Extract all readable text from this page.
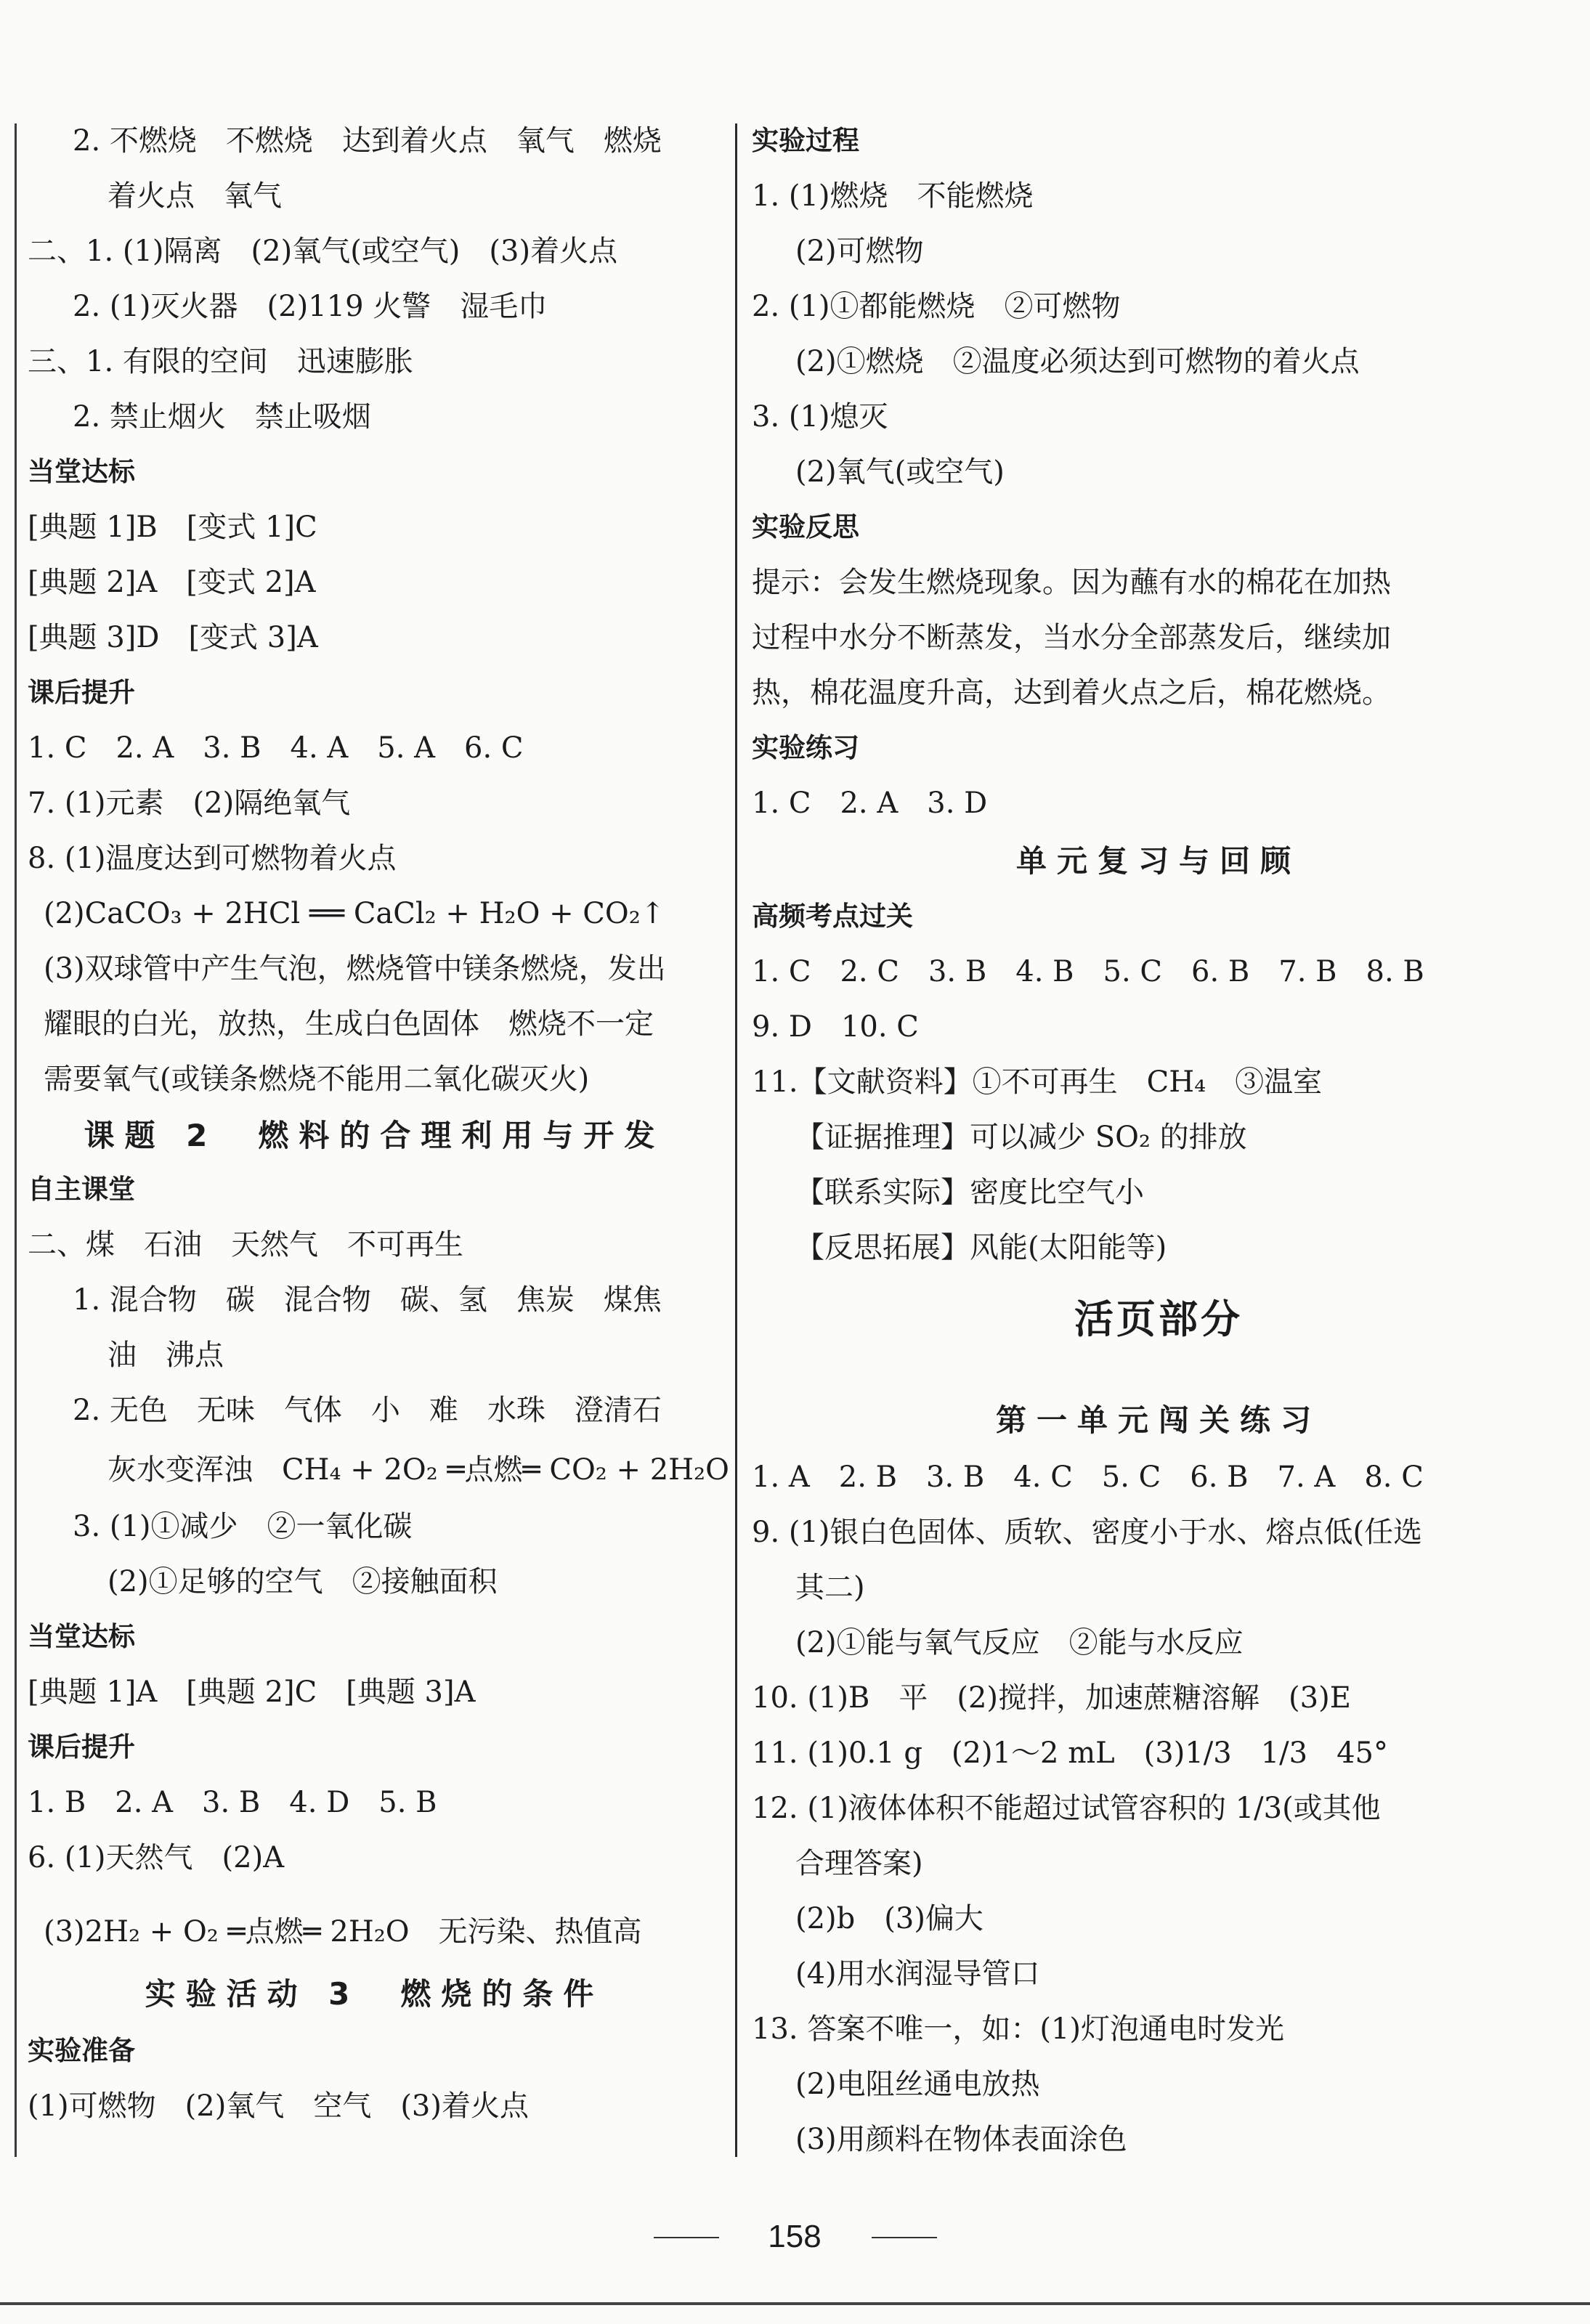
2. 不燃烧　不燃烧　达到着火点　氧气　燃烧
着火点　氧气
二、1. (1)隔离　(2)氧气(或空气)　(3)着火点
2. (1)灭火器　(2)119 火警　湿毛巾
三、1. 有限的空间　迅速膨胀
2. 禁止烟火　禁止吸烟
当堂达标
[典题 1]B　[变式 1]C
[典题 2]A　[变式 2]A
[典题 3]D　[变式 3]A
课后提升
1. C　2. A　3. B　4. A　5. A　6. C
7. (1)元素　(2)隔绝氧气
8. (1)温度达到可燃物着火点
(2)CaCO₃ + 2HCl ══ CaCl₂ + H₂O + CO₂↑
(3)双球管中产生气泡，燃烧管中镁条燃烧，发出
耀眼的白光，放热，生成白色固体　燃烧不一定
需要氧气(或镁条燃烧不能用二氧化碳灭火)
课题 2　燃料的合理利用与开发
自主课堂
二、煤　石油　天然气　不可再生
1. 混合物　碳　混合物　碳、氢　焦炭　煤焦
油　沸点
2. 无色　无味　气体　小　难　水珠　澄清石
灰水变浑浊　CH₄ + 2O₂ ═点燃═ CO₂ + 2H₂O
3. (1)①减少　②一氧化碳
(2)①足够的空气　②接触面积
当堂达标
[典题 1]A　[典题 2]C　[典题 3]A
课后提升
1. B　2. A　3. B　4. D　5. B
6. (1)天然气　(2)A
(3)2H₂ + O₂ ═点燃═ 2H₂O　无污染、热值高
实验活动 3　燃烧的条件
实验准备
(1)可燃物　(2)氧气　空气　(3)着火点
实验过程
1. (1)燃烧　不能燃烧
(2)可燃物
2. (1)①都能燃烧　②可燃物
(2)①燃烧　②温度必须达到可燃物的着火点
3. (1)熄灭
(2)氧气(或空气)
实验反思
提示：会发生燃烧现象。因为蘸有水的棉花在加热
过程中水分不断蒸发，当水分全部蒸发后，继续加
热，棉花温度升高，达到着火点之后，棉花燃烧。
实验练习
1. C　2. A　3. D
单元复习与回顾
高频考点过关
1. C　2. C　3. B　4. B　5. C　6. B　7. B　8. B
9. D　10. C
11.【文献资料】①不可再生　CH₄　③温室
【证据推理】可以减少 SO₂ 的排放
【联系实际】密度比空气小
【反思拓展】风能(太阳能等)
活页部分
第一单元闯关练习
1. A　2. B　3. B　4. C　5. C　6. B　7. A　8. C
9. (1)银白色固体、质软、密度小于水、熔点低(任选
其二)
(2)①能与氧气反应　②能与水反应
10. (1)B　平　(2)搅拌，加速蔗糖溶解　(3)E
11. (1)0.1 g　(2)1～2 mL　(3)1/3　1/3　45°
12. (1)液体体积不能超过试管容积的 1/3(或其他
合理答案)
(2)b　(3)偏大
(4)用水润湿导管口
13. 答案不唯一，如：(1)灯泡通电时发光
(2)电阻丝通电放热
(3)用颜料在物体表面涂色
158
